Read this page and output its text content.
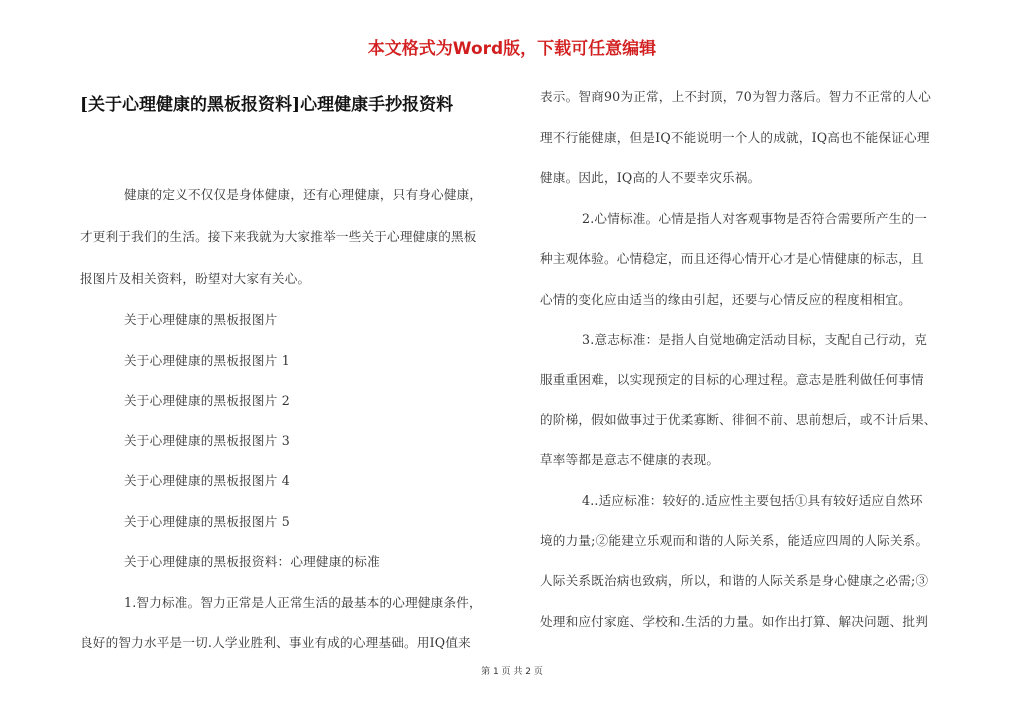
本文格式为Word版，下载可任意编辑
[关于心理健康的黑板报资料]心理健康手抄报资料
健康的定义不仅仅是身体健康，还有心理健康，只有身心健康，
才更利于我们的生活。接下来我就为大家推举一些关于心理健康的黑板
报图片及相关资料，盼望对大家有关心。
关于心理健康的黑板报图片
关于心理健康的黑板报图片 1
关于心理健康的黑板报图片 2
关于心理健康的黑板报图片 3
关于心理健康的黑板报图片 4
关于心理健康的黑板报图片 5
关于心理健康的黑板报资料：心理健康的标准
1.智力标准。智力正常是人正常生活的最基本的心理健康条件，
良好的智力水平是一切.人学业胜利、事业有成的心理基础。用IQ值来
表示。智商90为正常，上不封顶，70为智力落后。智力不正常的人心
理不行能健康，但是IQ不能说明一个人的成就，IQ高也不能保证心理
健康。因此，IQ高的人不要幸灾乐祸。
2.心情标准。心情是指人对客观事物是否符合需要所产生的一
种主观体验。心情稳定，而且还得心情开心才是心情健康的标志，且
心情的变化应由适当的缘由引起，还要与心情反应的程度相相宜。
3.意志标准：是指人自觉地确定活动目标，支配自己行动，克
服重重困难，以实现预定的目标的心理过程。意志是胜利做任何事情
的阶梯，假如做事过于优柔寡断、徘徊不前、思前想后，或不计后果、
草率等都是意志不健康的表现。
4..适应标准：较好的.适应性主要包括①具有较好适应自然环
境的力量;②能建立乐观而和谐的人际关系，能适应四周的人际关系。
人际关系既治病也致病，所以，和谐的人际关系是身心健康之必需;③
处理和应付家庭、学校和.生活的力量。如作出打算、解决问题、批判
第 1 页 共 2 页
